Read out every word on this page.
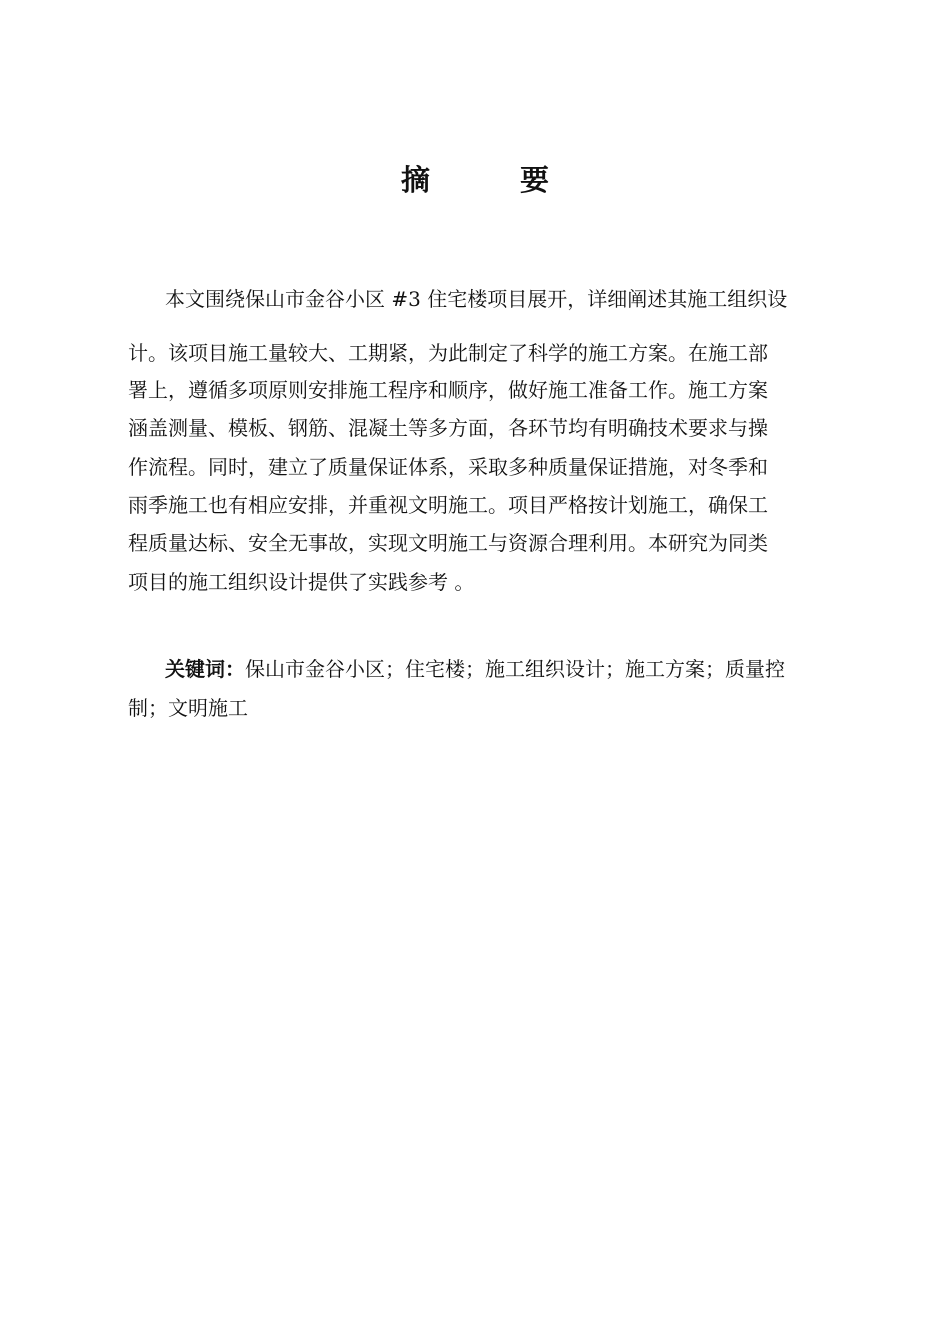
摘 要
本文围绕保山市金谷小区 #3 住宅楼项目展开，详细阐述其施工组织设
计。该项目施工量较大、工期紧，为此制定了科学的施工方案。在施工部
署上，遵循多项原则安排施工程序和顺序，做好施工准备工作。施工方案
涵盖测量、模板、钢筋、混凝土等多方面，各环节均有明确技术要求与操
作流程。同时，建立了质量保证体系，采取多种质量保证措施，对冬季和
雨季施工也有相应安排，并重视文明施工。项目严格按计划施工，确保工
程质量达标、安全无事故，实现文明施工与资源合理利用。本研究为同类
项目的施工组织设计提供了实践参考 。
关键词：保山市金谷小区；住宅楼；施工组织设计；施工方案；质量控
制；文明施工
